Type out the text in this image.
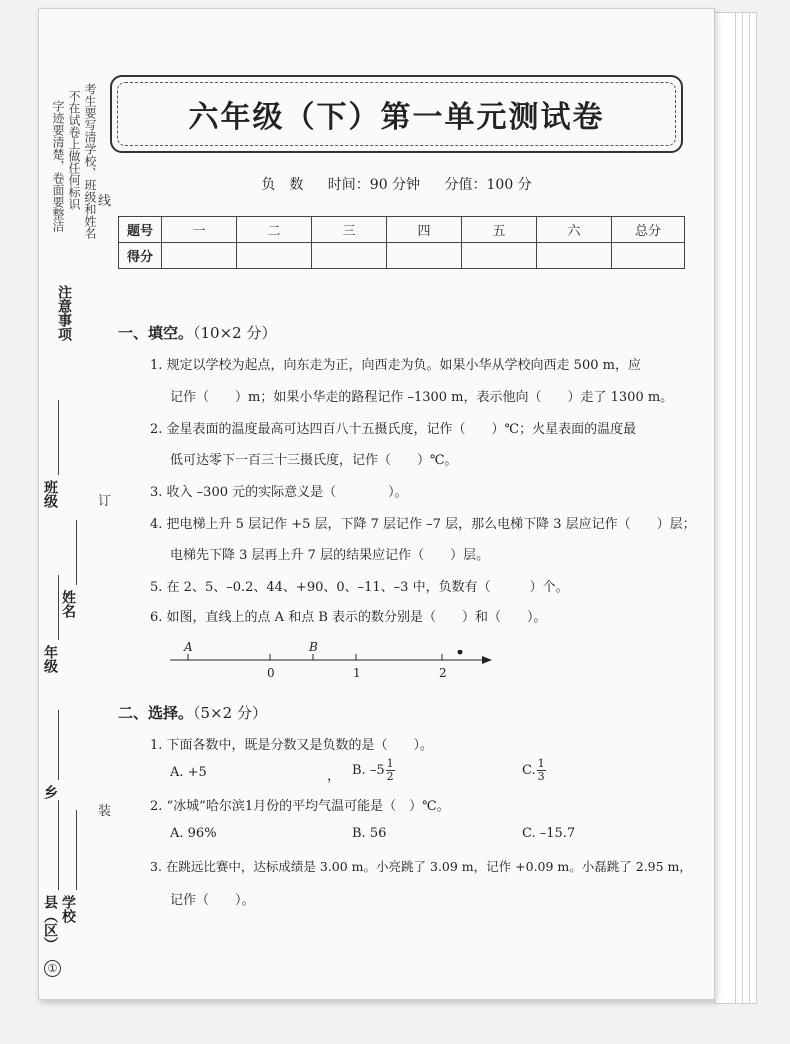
考生要写清学校、班级和姓名
不在试卷上做任何标识
字迹要清楚，卷面要整洁
注意事项
线
订
装
班级
年级
姓名
县（区）
乡
学校
①
六年级（下）第一单元测试卷
负　数 时间：90 分钟 分值：100 分
题号	一	二	三	四	五	六	总分
得分							
一、填空。（10×2 分）
1. 规定以学校为起点，向东走为正，向西走为负。如果小华从学校向西走 500 m，应
记作（　　）m；如果小华走的路程记作 –1300 m，表示他向（　　）走了 1300 m。
2. 金星表面的温度最高可达四百八十五摄氏度，记作（　　）℃；火星表面的温度最
低可达零下一百三十三摄氏度，记作（　　）℃。
3. 收入 –300 元的实际意义是（　　　　）。
4. 把电梯上升 5 层记作 +5 层，下降 7 层记作 –7 层，那么电梯下降 3 层应记作（　　）层；
电梯先下降 3 层再上升 7 层的结果应记作（　　）层。
5. 在 2、5、–0.2、44、+90、0、–11、–3 中，负数有（　　　）个。
6. 如图，直线上的点 A 和点 B 表示的数分别是（　　）和（　　）。
A	B
0	1	2
二、选择。（5×2 分）
1. 下面各数中，既是分数又是负数的是（　　）。
A. +5	， B. $-5 \frac{1}{2}$	C. $\frac{1}{3}$
2. “冰城”哈尔滨1月份的平均气温可能是（　）℃。
A. 96%	B. 56	C. –15.7
3. 在跳远比赛中，达标成绩是 3.00 m。小亮跳了 3.09 m，记作 +0.09 m。小磊跳了 2.95 m，
记作（　　）。
